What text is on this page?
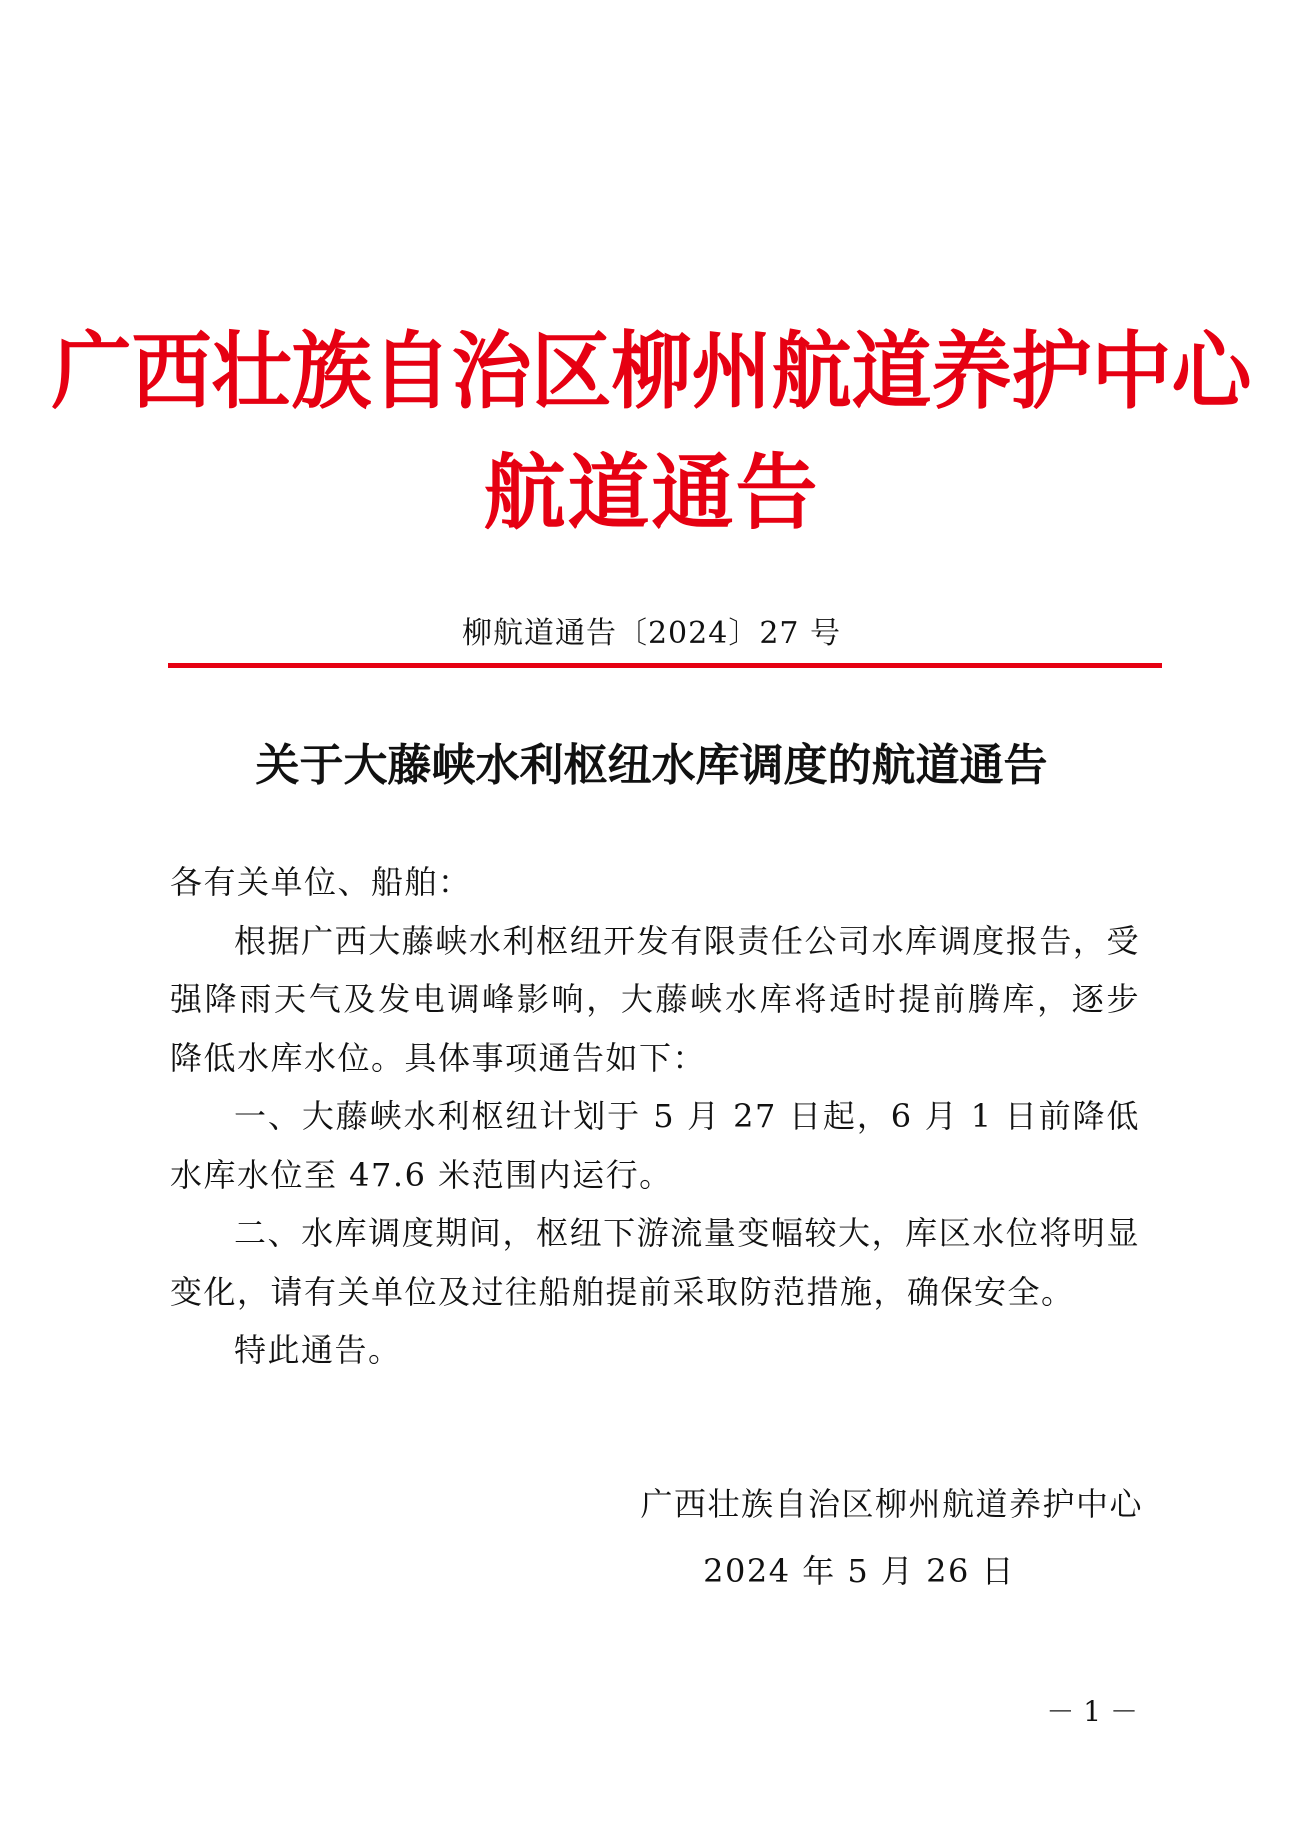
广西壮族自治区柳州航道养护中心
航道通告
柳航道通告〔2024〕27 号
关于大藤峡水利枢纽水库调度的航道通告

各有关单位、船舶：

根据广西大藤峡水利枢纽开发有限责任公司水库调度报告，受强降雨天气及发电调峰影响，大藤峡水库将适时提前腾库，逐步降低水库水位。具体事项通告如下：

一、大藤峡水利枢纽计划于 5 月 27 日起，6 月 1 日前降低水库水位至 47.6 米范围内运行。

二、水库调度期间，枢纽下游流量变幅较大，库区水位将明显变化，请有关单位及过往船舶提前采取防范措施，确保安全。

特此通告。

广西壮族自治区柳州航道养护中心
2024 年 5 月 26 日
－ 1 －
